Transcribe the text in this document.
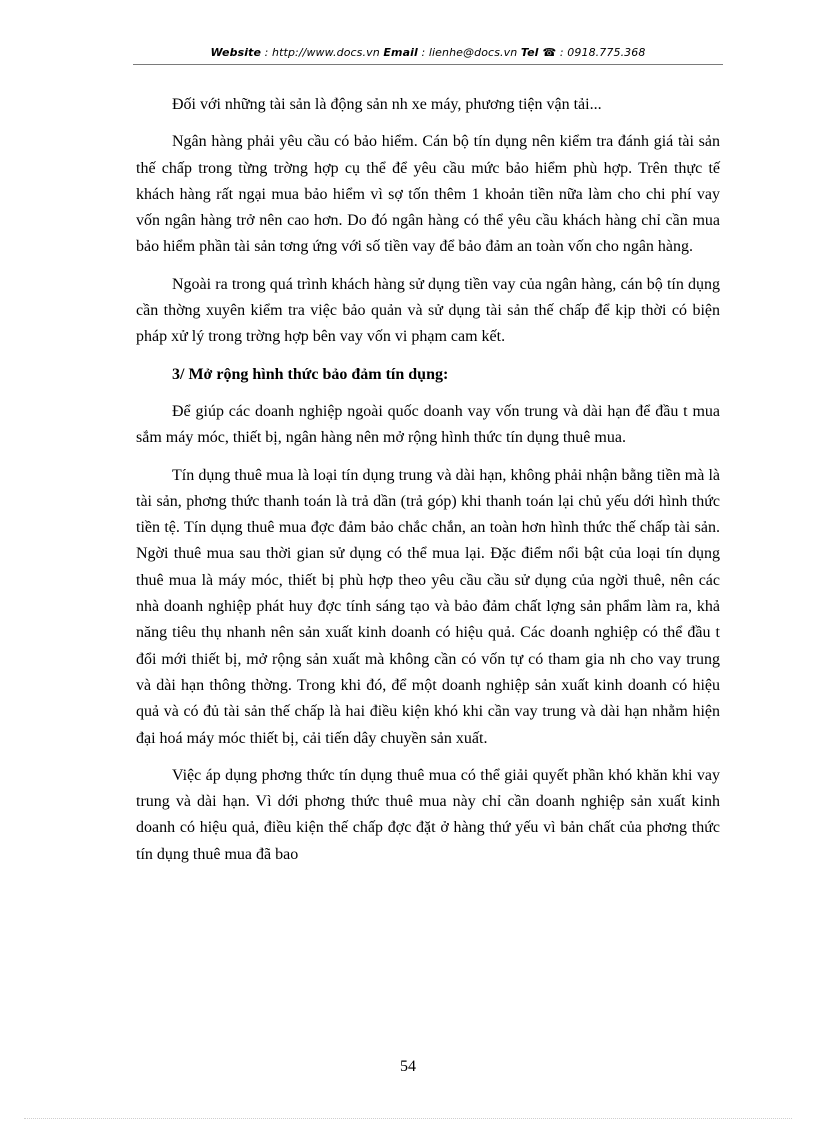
Website : http://www.docs.vn Email : lienhe@docs.vn Tel ☎ : 0918.775.368

Đối với những tài sản là động sản nh xe máy, phương tiện vận tải...

Ngân hàng phải yêu cầu có bảo hiểm. Cán bộ tín dụng nên kiểm tra đánh giá tài sản thế chấp trong từng trờng hợp cụ thể để yêu cầu mức bảo hiểm phù hợp. Trên thực tế khách hàng rất ngại mua bảo hiểm vì sợ tốn thêm 1 khoản tiền nữa làm cho chi phí vay vốn ngân hàng trở nên cao hơn. Do đó ngân hàng có thể yêu cầu khách hàng chỉ cần mua bảo hiểm phần tài sản tơng ứng với số tiền vay để bảo đảm an toàn vốn cho ngân hàng.

Ngoài ra trong quá trình khách hàng sử dụng tiền vay của ngân hàng, cán bộ tín dụng cần thờng xuyên kiểm tra việc bảo quản và sử dụng tài sản thế chấp để kịp thời có biện pháp xử lý trong trờng hợp bên vay vốn vi phạm cam kết.

3/ Mở rộng hình thức bảo đảm tín dụng:

Để giúp các doanh nghiệp ngoài quốc doanh vay vốn trung và dài hạn để đầu t mua sắm máy móc, thiết bị, ngân hàng nên mở rộng hình thức tín dụng thuê mua.

Tín dụng thuê mua là loại tín dụng trung và dài hạn, không phải nhận bằng tiền mà là tài sản, phơng thức thanh toán là trả dần (trả góp) khi thanh toán lại chủ yếu dới hình thức tiền tệ. Tín dụng thuê mua đợc đảm bảo chắc chắn, an toàn hơn hình thức thế chấp tài sản. Ngời thuê mua sau thời gian sử dụng có thể mua lại. Đặc điểm nổi bật của loại tín dụng thuê mua là máy móc, thiết bị phù hợp theo yêu cầu cầu sử dụng của ngời thuê, nên các nhà doanh nghiệp phát huy đợc tính sáng tạo và bảo đảm chất lợng sản phẩm làm ra, khả năng tiêu thụ nhanh nên sản xuất kinh doanh có hiệu quả. Các doanh nghiệp có thể đầu t đổi mới thiết bị, mở rộng sản xuất mà không cần có vốn tự có tham gia nh cho vay trung và dài hạn thông thờng. Trong khi đó, để một doanh nghiệp sản xuất kinh doanh có hiệu quả và có đủ tài sản thế chấp là hai điều kiện khó khi cần vay trung và dài hạn nhằm hiện đại hoá máy móc thiết bị, cải tiến dây chuyền sản xuất.

Việc áp dụng phơng thức tín dụng thuê mua có thể giải quyết phần khó khăn khi vay trung và dài hạn. Vì dới phơng thức thuê mua này chỉ cần doanh nghiệp sản xuất kinh doanh có hiệu quả, điều kiện thế chấp đợc đặt ở hàng thứ yếu vì bản chất của phơng thức tín dụng thuê mua đã bao

54
